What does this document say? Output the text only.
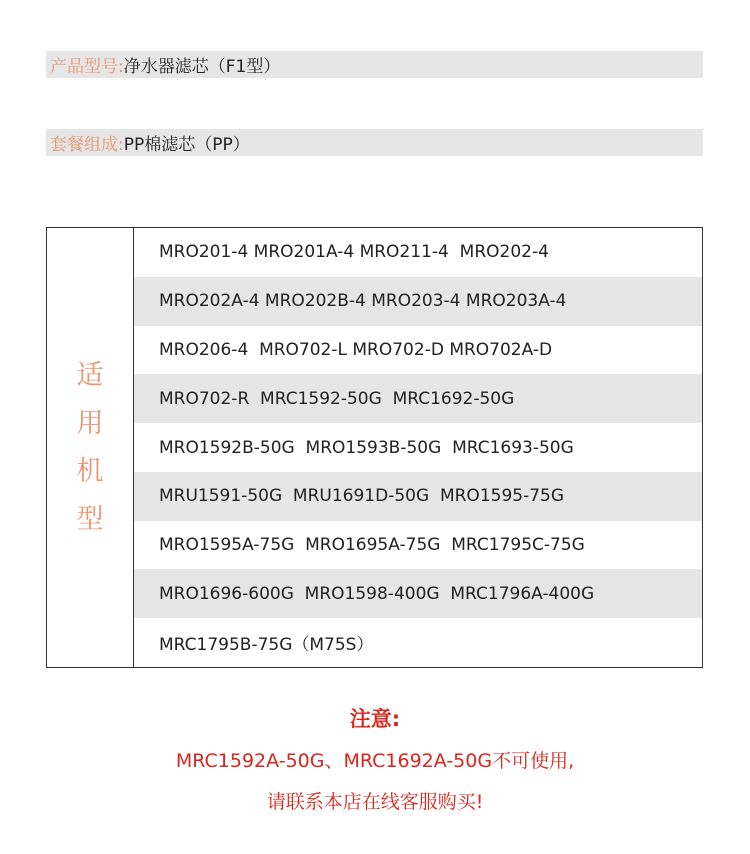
产品型号: 净水器滤芯（F1型）
套餐组成: PP棉滤芯（PP）
适
用
机
型
MRO201-4 MRO201A-4 MRO211-4  MRO202-4
MRO202A-4 MRO202B-4 MRO203-4 MRO203A-4
MRO206-4  MRO702-L MRO702-D MRO702A-D
MRO702-R  MRC1592-50G  MRC1692-50G
MRO1592B-50G  MRO1593B-50G  MRC1693-50G
MRU1591-50G  MRU1691D-50G  MRO1595-75G
MRO1595A-75G  MRO1695A-75G  MRC1795C-75G
MRO1696-600G  MRO1598-400G  MRC1796A-400G
MRC1795B-75G（M75S）
注意:
MRC1592A-50G、MRC1692A-50G不可使用,
请联系本店在线客服购买!
